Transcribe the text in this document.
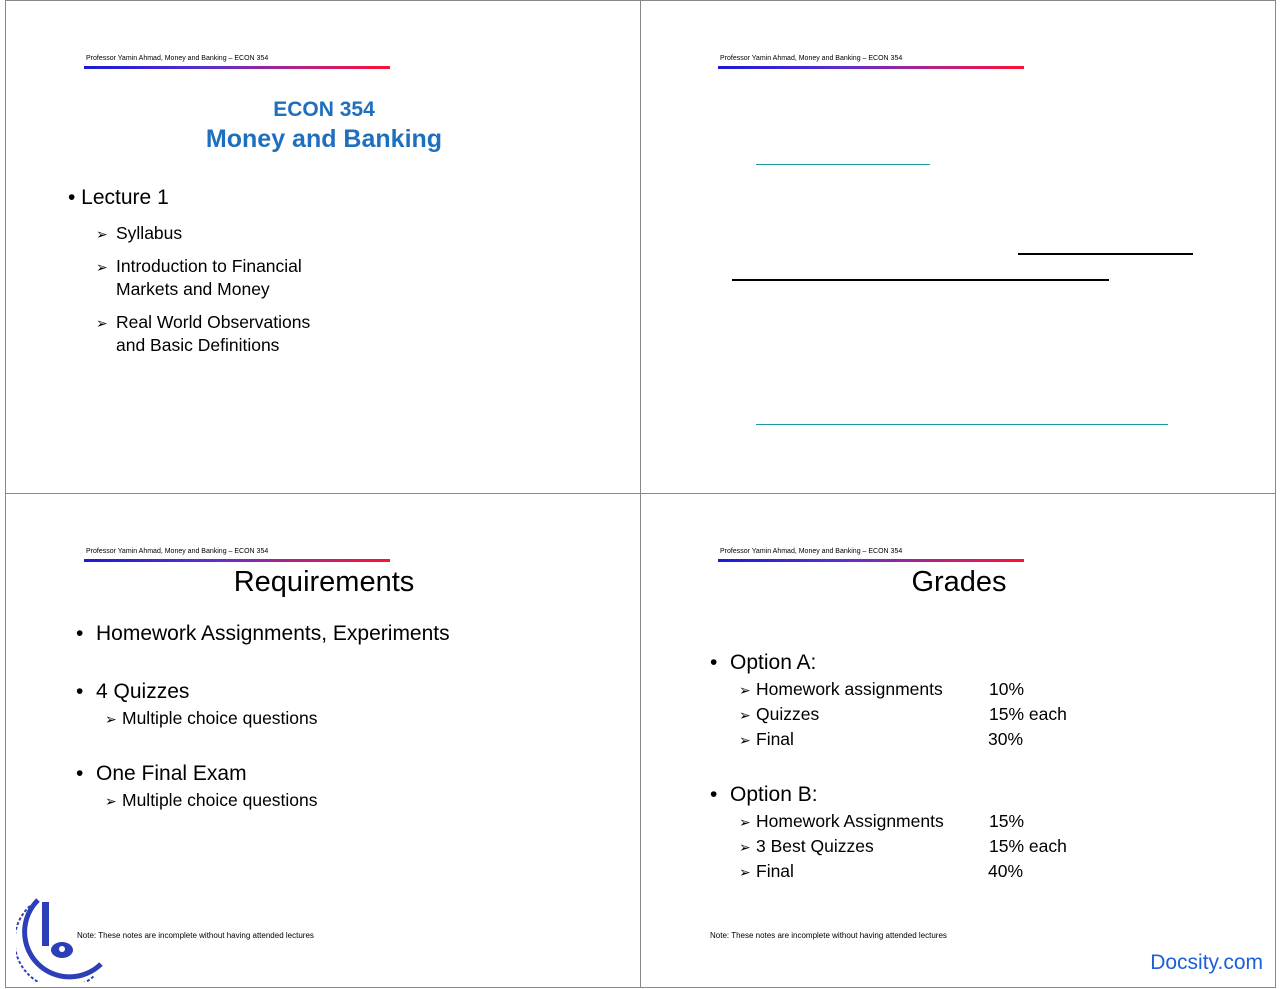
Professor Yamin Ahmad, Money and Banking – ECON 354
ECON 354
Money and Banking
• Lecture 1
➢ Syllabus
➢ Introduction to Financial
Markets and Money
➢ Real World Observations
and Basic Definitions
Professor Yamin Ahmad, Money and Banking – ECON 354
Professor Yamin Ahmad, Money and Banking – ECON 354
Requirements
• Homework Assignments, Experiments
• 4 Quizzes
➢ Multiple choice questions
• One Final Exam
➢ Multiple choice questions
Note: These notes are incomplete without having attended lectures
Professor Yamin Ahmad, Money and Banking – ECON 354
Grades
• Option A:
➢ Homework assignments	10%
➢ Quizzes	15% each
➢ Final	30%
• Option B:
➢ Homework Assignments	15%
➢ 3 Best Quizzes	15% each
➢ Final	40%
Note: These notes are incomplete without having attended lectures
Docsity.com
